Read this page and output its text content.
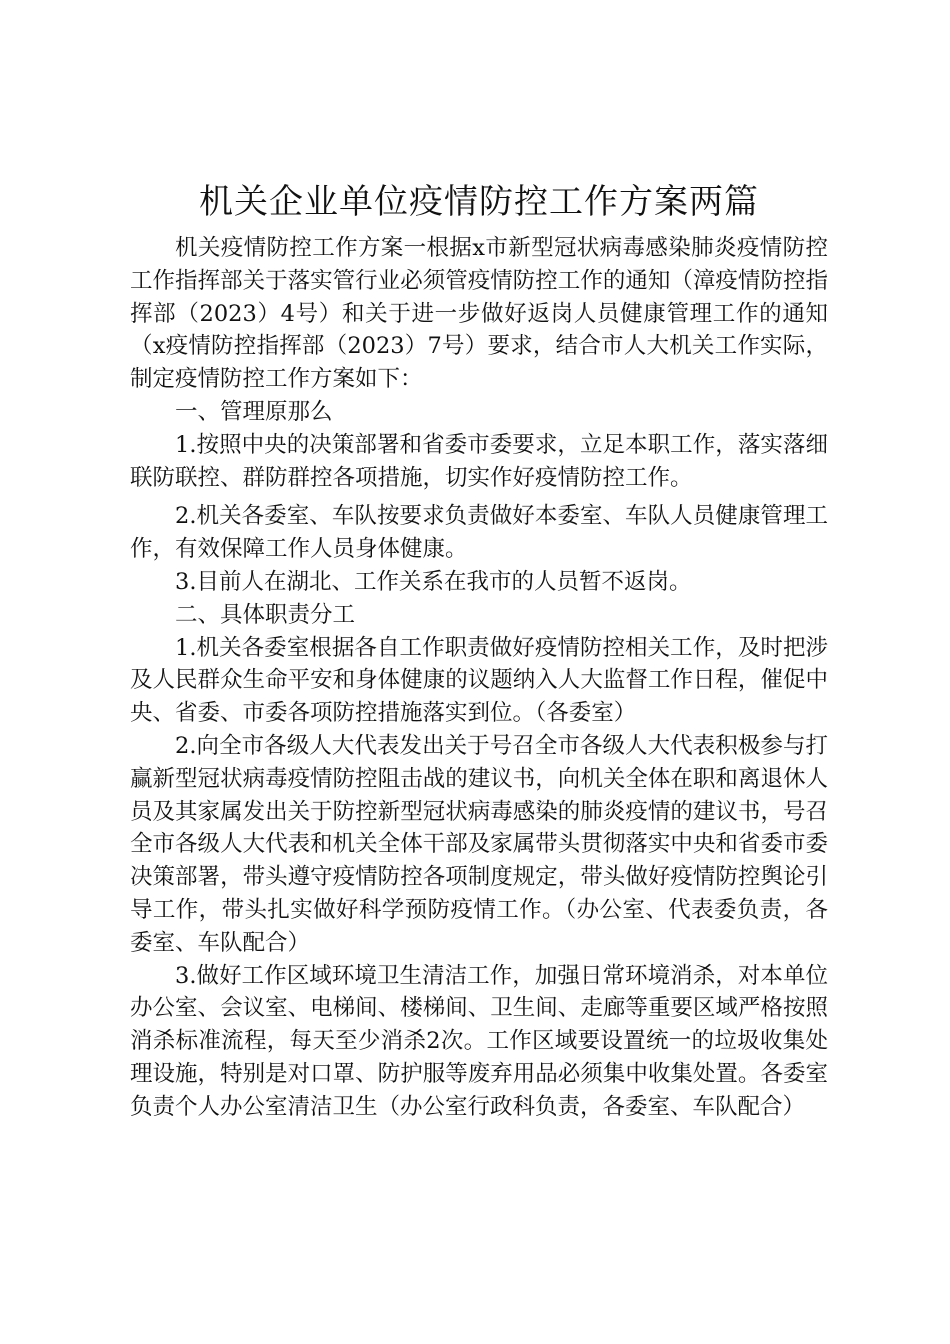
机关企业单位疫情防控工作方案两篇

机关疫情防控工作方案一根据x市新型冠状病毒感染肺炎疫情防控工作指挥部关于落实管行业必须管疫情防控工作的通知（漳疫情防控指挥部（2023）4号）和关于进一步做好返岗人员健康管理工作的通知（x疫情防控指挥部（2023）7号）要求，结合市人大机关工作实际，制定疫情防控工作方案如下：

一、管理原那么

1.按照中央的决策部署和省委市委要求，立足本职工作，落实落细联防联控、群防群控各项措施，切实作好疫情防控工作。

2.机关各委室、车队按要求负责做好本委室、车队人员健康管理工作，有效保障工作人员身体健康。

3.目前人在湖北、工作关系在我市的人员暂不返岗。

二、具体职责分工

1.机关各委室根据各自工作职责做好疫情防控相关工作，及时把涉及人民群众生命平安和身体健康的议题纳入人大监督工作日程，催促中央、省委、市委各项防控措施落实到位。（各委室）

2.向全市各级人大代表发出关于号召全市各级人大代表积极参与打赢新型冠状病毒疫情防控阻击战的建议书，向机关全体在职和离退休人员及其家属发出关于防控新型冠状病毒感染的肺炎疫情的建议书，号召全市各级人大代表和机关全体干部及家属带头贯彻落实中央和省委市委决策部署，带头遵守疫情防控各项制度规定，带头做好疫情防控舆论引导工作，带头扎实做好科学预防疫情工作。（办公室、代表委负责，各委室、车队配合）

3.做好工作区域环境卫生清洁工作，加强日常环境消杀，对本单位办公室、会议室、电梯间、楼梯间、卫生间、走廊等重要区域严格按照消杀标准流程，每天至少消杀2次。工作区域要设置统一的垃圾收集处理设施，特别是对口罩、防护服等废弃用品必须集中收集处置。各委室负责个人办公室清洁卫生（办公室行政科负责，各委室、车队配合）
